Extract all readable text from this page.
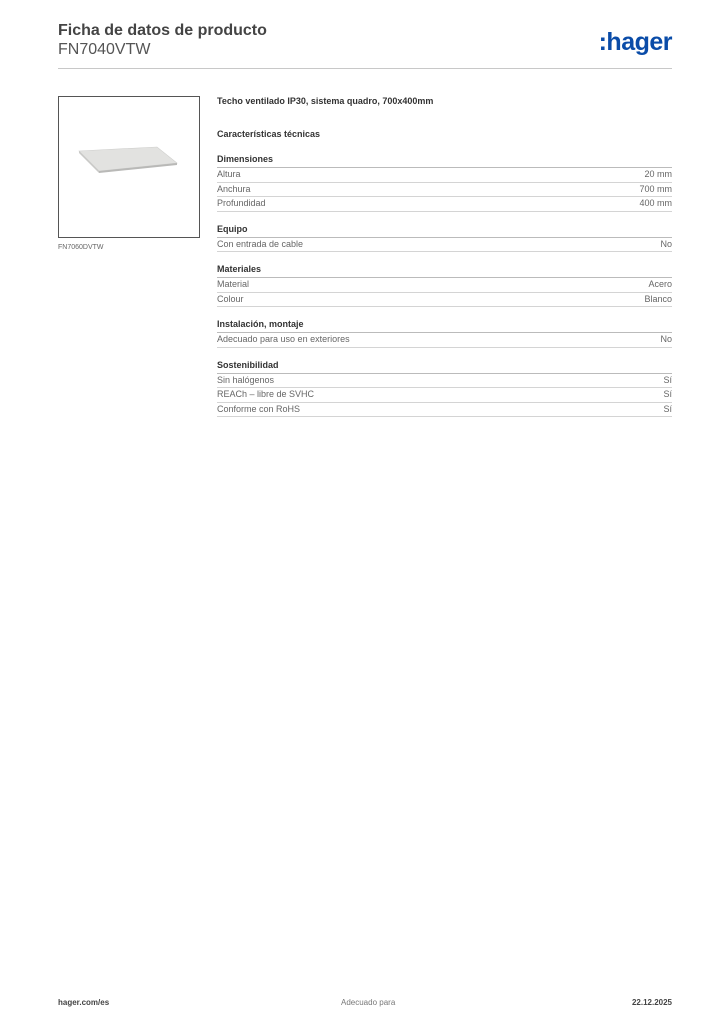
Ficha de datos de producto
FN7040VTW	:hager
FN7060DVTW
Techo ventilado IP30, sistema quadro, 700x400mm
Características técnicas
Dimensiones
Altura	20 mm
Anchura	700 mm
Profundidad	400 mm
Equipo
Con entrada de cable	No
Materiales
Material	Acero
Colour	Blanco
Instalación, montaje
Adecuado para uso en exteriores	No
Sostenibilidad
Sin halógenos	Sí
REACh – libre de SVHC	Sí
Conforme con RoHS	Sí
hager.com/es	Adecuado para	22.12.2025
